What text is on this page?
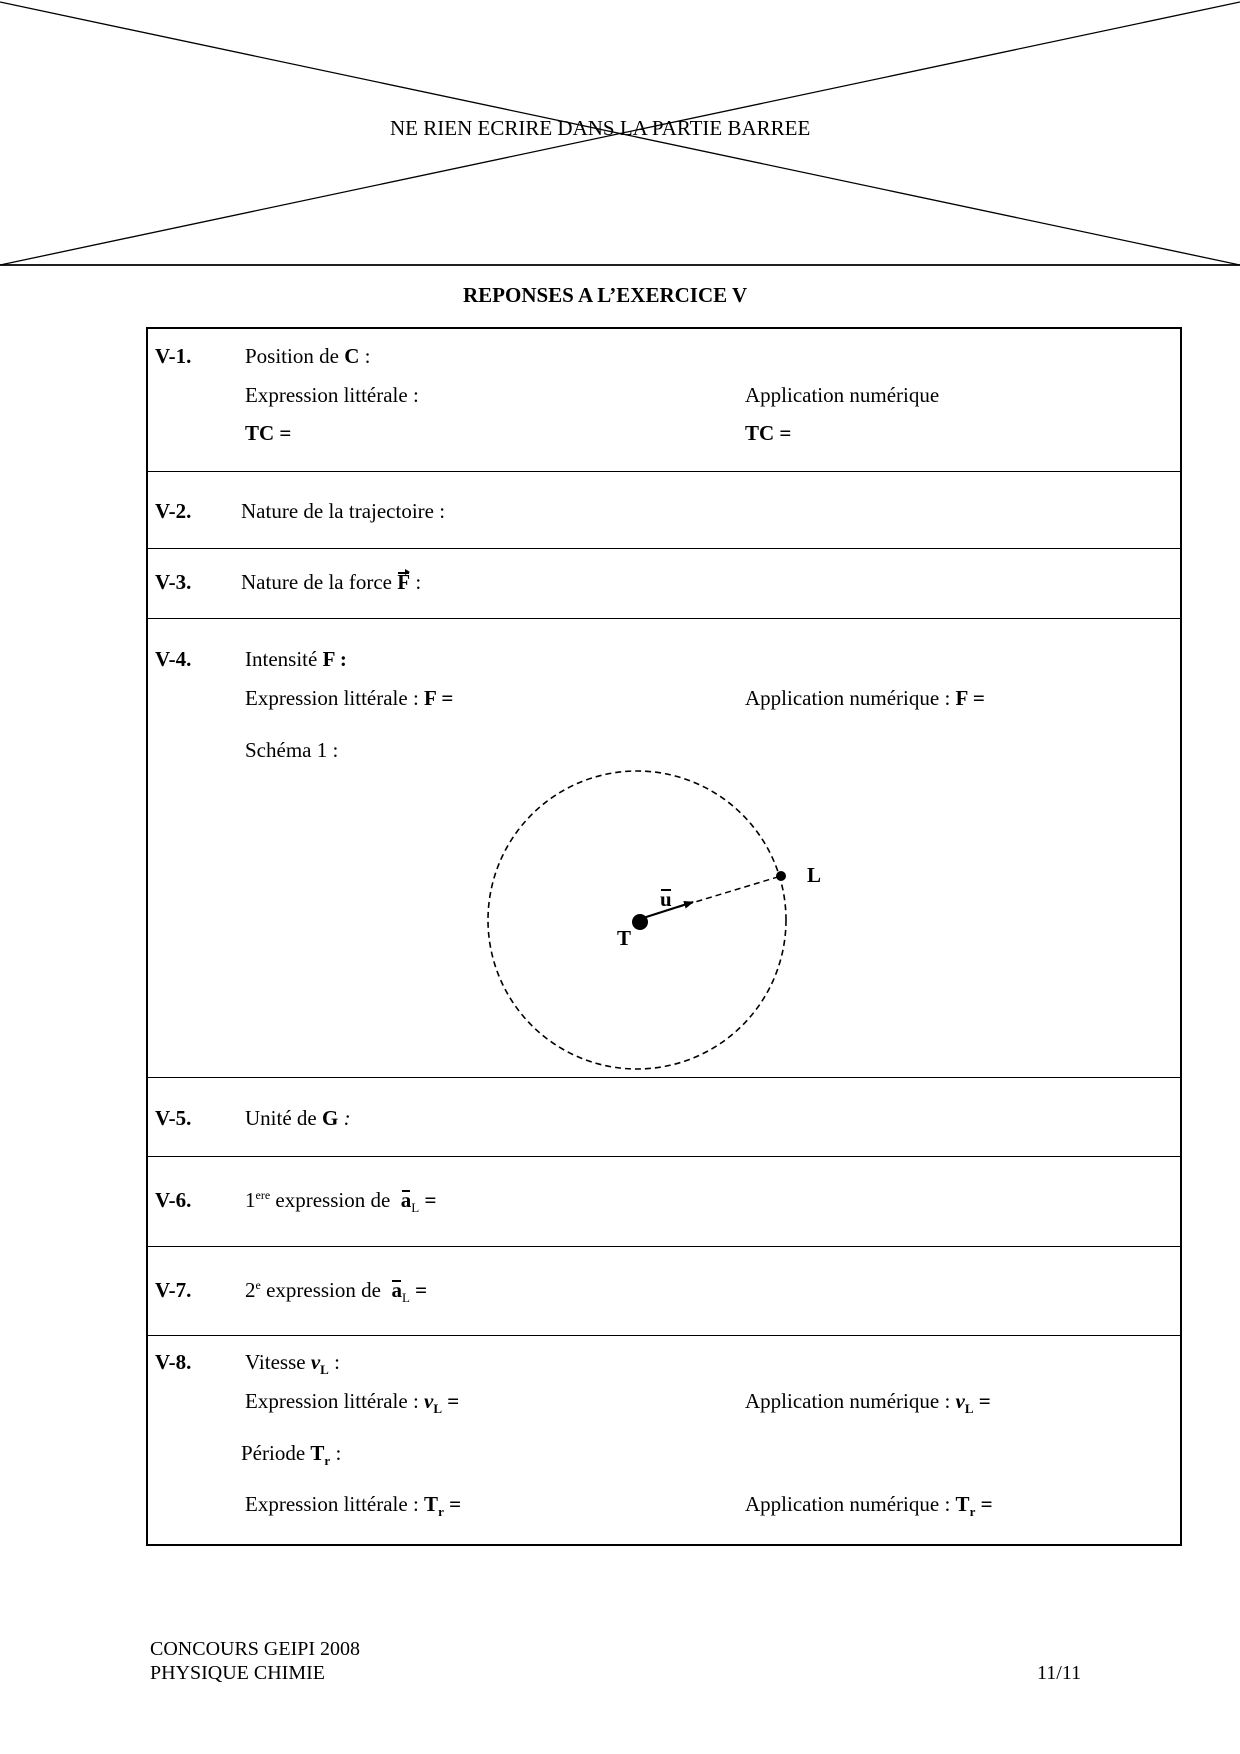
NE RIEN ECRIRE DANS LA PARTIE BARREE
REPONSES A L’EXERCICE V
V-1.	Position de C :
Expression littérale :	Application numérique
TC =	TC =
V-2. Nature de la trajectoire :
V-3. Nature de la force F :
V-4.	Intensité F :
Expression littérale : F =	Application numérique : F =
Schéma 1 :
L
T
u
V-5.	Unité de G :
V-6.	1ere expression de $a_L$ =
V-7.	2e expression de $a_L$ =
V-8.	Vitesse $v_L$ :
Expression littérale : $v_L$ =	Application numérique : $v_L$ =
Période $T_r$ :
Expression littérale : $T_r$ =	Application numérique : $T_r$ =
CONCOURS GEIPI 2008
PHYSIQUE CHIMIE	11/11
